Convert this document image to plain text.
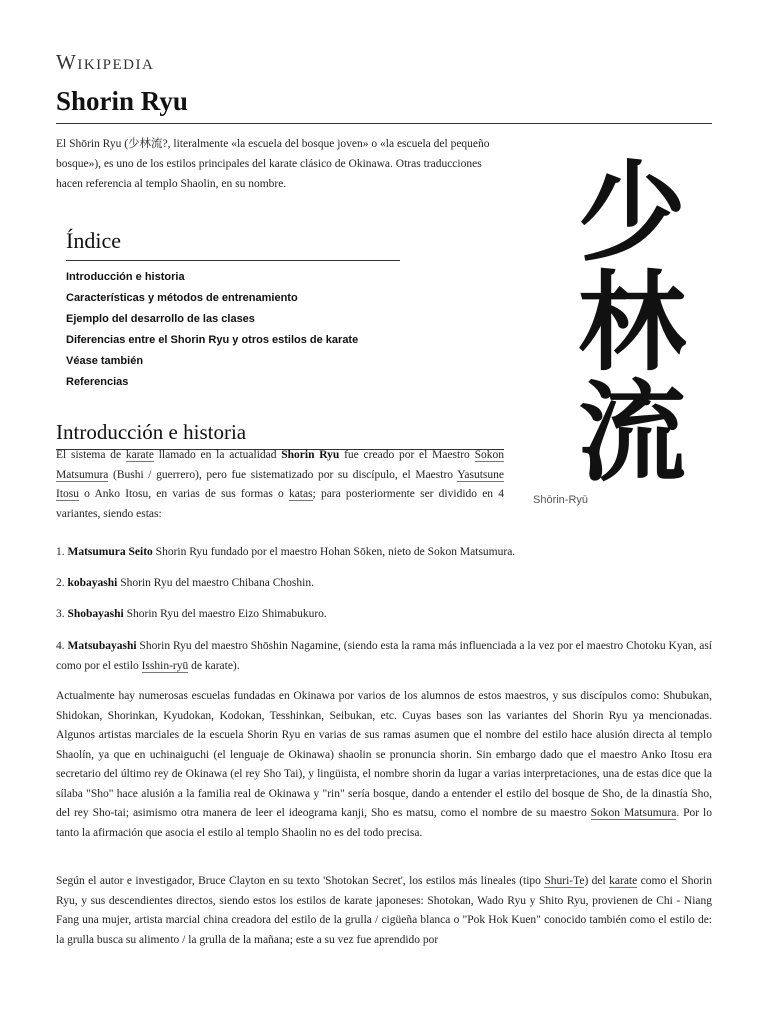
Wikipedia
Shorin Ryu
El Shōrin Ryu (少林流?, literalmente «la escuela del bosque joven» o «la escuela del pequeño bosque»), es uno de los estilos principales del karate clásico de Okinawa. Otras traducciones hacen referencia al templo Shaolin, en su nombre.
Índice
Introducción e historia
Características y métodos de entrenamiento
Ejemplo del desarrollo de las clases
Diferencias entre el Shorin Ryu y otros estilos de karate
Véase también
Referencias
少
林
流
Shōrin-Ryū
Introducción e historia

El sistema de karate llamado en la actualidad Shorin Ryu fue creado por el Maestro Sokon Matsumura (Bushi / guerrero), pero fue sistematizado por su discípulo, el Maestro Yasutsune Itosu o Anko Itosu, en varias de sus formas o katas; para posteriormente ser dividido en 4 variantes, siendo estas:

1. Matsumura Seito Shorin Ryu fundado por el maestro Hohan Sōken, nieto de Sokon Matsumura.

2. kobayashi Shorin Ryu del maestro Chibana Choshin.

3. Shobayashi Shorin Ryu del maestro Eizo Shimabukuro.

4. Matsubayashi Shorin Ryu del maestro Shōshin Nagamine, (siendo esta la rama más influenciada a la vez por el maestro Chotoku Kyan, así como por el estilo Isshin-ryū de karate).

Actualmente hay numerosas escuelas fundadas en Okinawa por varios de los alumnos de estos maestros, y sus discípulos como: Shubukan, Shidokan, Shorinkan, Kyudokan, Kodokan, Tesshinkan, Seibukan, etc. Cuyas bases son las variantes del Shorin Ryu ya mencionadas. Algunos artistas marciales de la escuela Shorin Ryu en varias de sus ramas asumen que el nombre del estilo hace alusión directa al templo Shaolín, ya que en uchinaiguchi (el lenguaje de Okinawa) shaolin se pronuncia shorin. Sin embargo dado que el maestro Anko Itosu era secretario del último rey de Okinawa (el rey Sho Tai), y lingüista, el nombre shorin da lugar a varias interpretaciones, una de estas dice que la sílaba "Sho" hace alusión a la familia real de Okinawa y "rin" sería bosque, dando a entender el estilo del bosque de Sho, de la dinastía Sho, del rey Sho-tai; asimismo otra manera de leer el ideograma kanji, Sho es matsu, como el nombre de su maestro Sokon Matsumura. Por lo tanto la afirmación que asocia el estilo al templo Shaolin no es del todo precisa.

Según el autor e investigador, Bruce Clayton en su texto 'Shotokan Secret', los estilos más lineales (tipo Shuri-Te) del karate como el Shorin Ryu, y sus descendientes directos, siendo estos los estilos de karate japoneses: Shotokan, Wado Ryu y Shito Ryu, provienen de Chi - Niang Fang una mujer, artista marcial china creadora del estilo de la grulla / cigüeña blanca o "Pok Hok Kuen" conocido también como el estilo de: la grulla busca su alimento / la grulla de la mañana; este a su vez fue aprendido por
